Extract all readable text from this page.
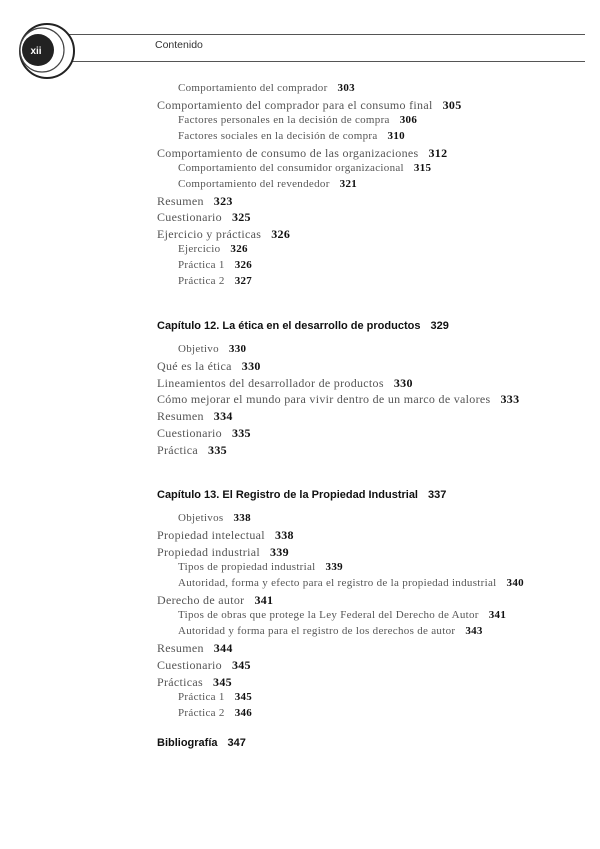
xii
Contenido
Comportamiento del comprador 303
Comportamiento del comprador para el consumo final 305
Factores personales en la decisión de compra 306
Factores sociales en la decisión de compra 310
Comportamiento de consumo de las organizaciones 312
Comportamiento del consumidor organizacional 315
Comportamiento del revendedor 321
Resumen 323
Cuestionario 325
Ejercicio y prácticas 326
Ejercicio 326
Práctica 1 326
Práctica 2 327
Capítulo 12. La ética en el desarrollo de productos 329
Objetivo 330
Qué es la ética 330
Lineamientos del desarrollador de productos 330
Cómo mejorar el mundo para vivir dentro de un marco de valores 333
Resumen 334
Cuestionario 335
Práctica 335
Capítulo 13. El Registro de la Propiedad Industrial 337
Objetivos 338
Propiedad intelectual 338
Propiedad industrial 339
Tipos de propiedad industrial 339
Autoridad, forma y efecto para el registro de la propiedad industrial 340
Derecho de autor 341
Tipos de obras que protege la Ley Federal del Derecho de Autor 341
Autoridad y forma para el registro de los derechos de autor 343
Resumen 344
Cuestionario 345
Prácticas 345
Práctica 1 345
Práctica 2 346
Bibliografía 347
